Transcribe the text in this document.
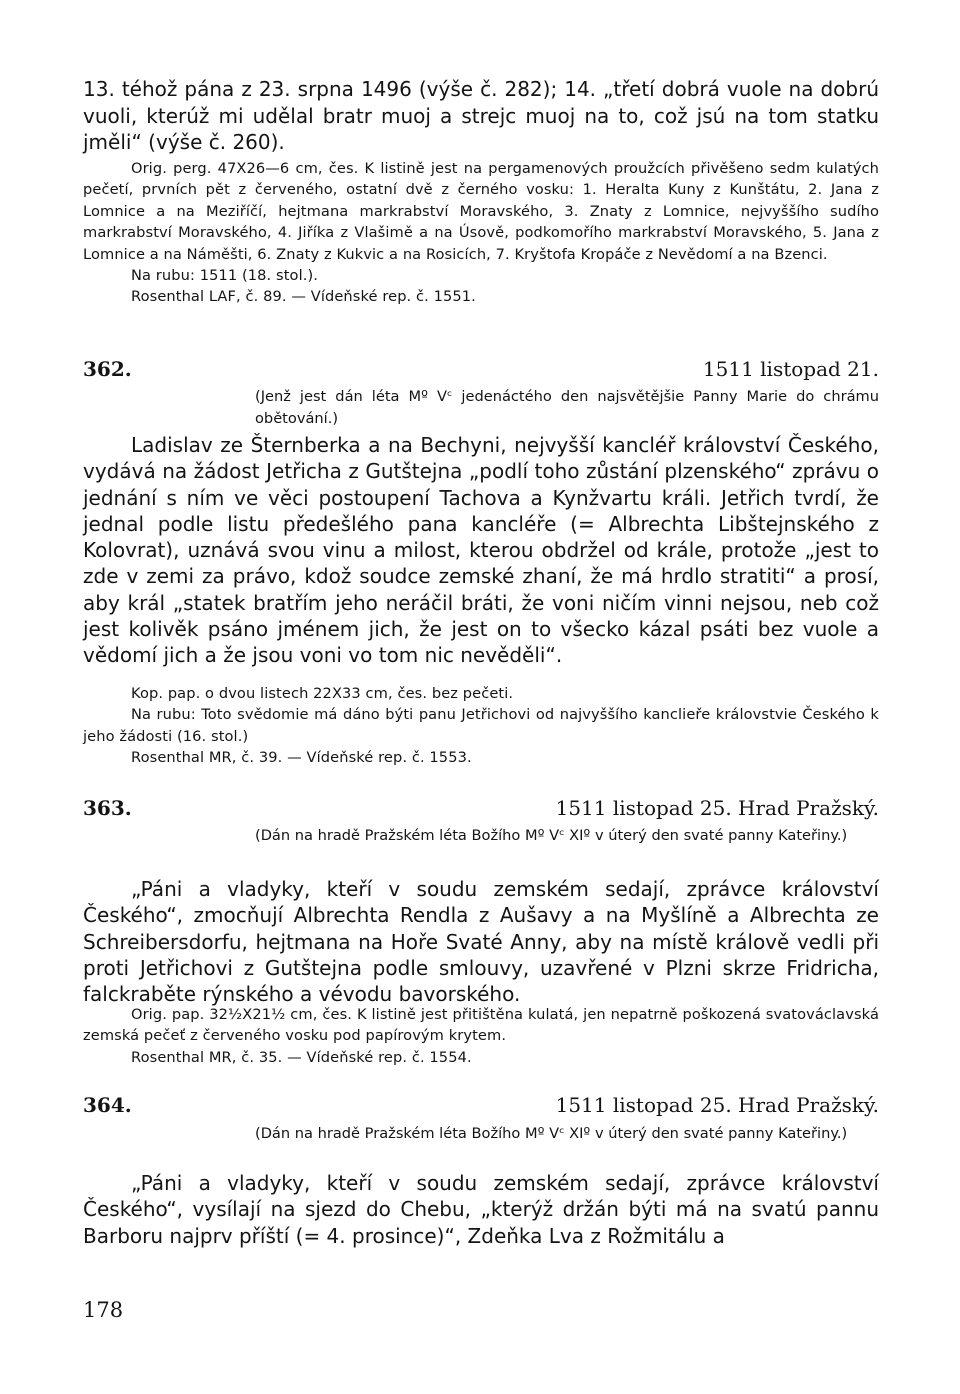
13. téhož pána z 23. srpna 1496 (výše č. 282); 14. „třetí dobrá vuole na dobrú vuoli, kterúž mi udělal bratr muoj a strejc muoj na to, což jsú na tom statku jměli“ (výše č. 260).

Orig. perg. 47X26—6 cm, čes. K listině jest na pergamenových proužcích přivěšeno sedm kulatých pečetí, prvních pět z červeného, ostatní dvě z černého vosku: 1. Heralta Kuny z Kunštátu, 2. Jana z Lomnice a na Meziříčí, hejtmana markrabství Moravského, 3. Znaty z Lomnice, nejvyššího sudího markrabství Moravského, 4. Jiříka z Vlašimě a na Úsově, podkomořího markrabství Moravského, 5. Jana z Lomnice a na Náměšti, 6. Znaty z Kukvic a na Rosicích, 7. Kryštofa Kropáče z Nevědomí a na Bzenci.
Na rubu: 1511 (18. stol.).
Rosenthal LAF, č. 89. — Vídeňské rep. č. 1551.

362.	1511 listopad 21.

(Jenž jest dán léta Mº Vᶜ jedenáctého den najsvětějšie Panny Marie do chrámu obětování.)

Ladislav ze Šternberka a na Bechyni, nejvyšší kancléř království Českého, vydává na žádost Jetřicha z Gutštejna „podlí toho zůstání plzenského“ zprávu o jednání s ním ve věci postoupení Tachova a Kynžvartu králi. Jetřich tvrdí, že jednal podle listu předešlého pana kancléře (= Albrechta Libštejnského z Kolovrat), uznává svou vinu a milost, kterou obdržel od krále, protože „jest to zde v zemi za právo, kdož soudce zemské zhaní, že má hrdlo stratiti“ a prosí, aby král „statek bratřím jeho neráčil bráti, že voni ničím vinni nejsou, neb což jest kolivěk psáno jménem jich, že jest on to všecko kázal psáti bez vuole a vědomí jich a že jsou voni vo tom nic nevěděli“.

Kop. pap. o dvou listech 22X33 cm, čes. bez pečeti.
Na rubu: Toto svědomie má dáno býti panu Jetřichovi od najvyššího kanclieře královstvie Českého k jeho žádosti (16. stol.)
Rosenthal MR, č. 39. — Vídeňské rep. č. 1553.

363.	1511 listopad 25. Hrad Pražský.

(Dán na hradě Pražském léta Božího Mº Vᶜ XIº v úterý den svaté panny Kateřiny.)

„Páni a vladyky, kteří v soudu zemském sedají, zprávce království Českého“, zmocňují Albrechta Rendla z Aušavy a na Myšlíně a Albrechta ze Schreibersdorfu, hejtmana na Hoře Svaté Anny, aby na místě králově vedli při proti Jetřichovi z Gutštejna podle smlouvy, uzavřené v Plzni skrze Fridricha, falckraběte rýnského a vévodu bavorského.

Orig. pap. 32½X21½ cm, čes. K listině jest přitištěna kulatá, jen nepatrně poškozená svatováclavská zemská pečeť z červeného vosku pod papírovým krytem.
Rosenthal MR, č. 35. — Vídeňské rep. č. 1554.

364.	1511 listopad 25. Hrad Pražský.

(Dán na hradě Pražském léta Božího Mº Vᶜ XIº v úterý den svaté panny Kateřiny.)

„Páni a vladyky, kteří v soudu zemském sedají, zprávce království Českého“, vysílají na sjezd do Chebu, „kterýž držán býti má na svatú pannu Barboru najprv příští (= 4. prosince)“, Zdeňka Lva z Rožmitálu a

178
